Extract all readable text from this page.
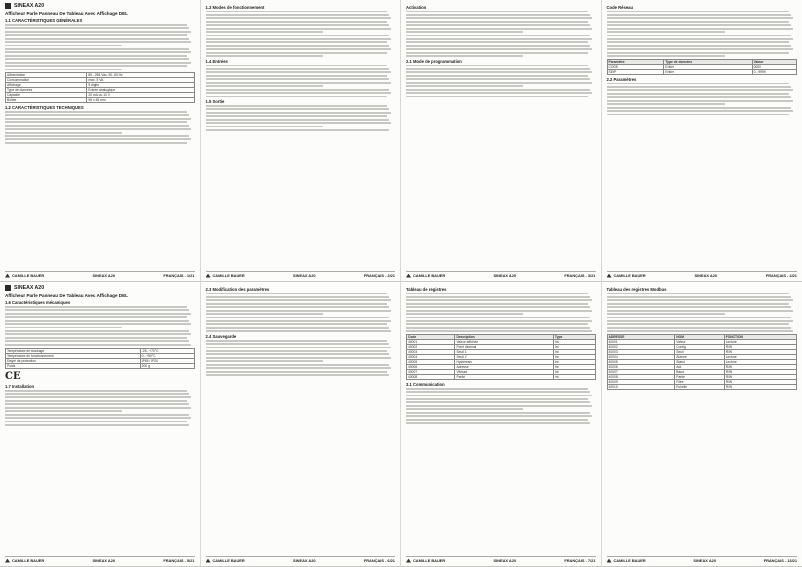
SINEAX A20
Afficheur Parle Panneau De Tableau Avec Affichage DEL
1.1 CARACTÉRISTIQUES GÉNÉRALES
Alimentation	85...265 Vac, 50..60 Hz
Consommation	max. 5 VA
Affichage	5 digits
Type de données	Entrée analogique
Capacité	20 mA ou 10 V
Boîtier	96 x 48 mm
1.2 CARACTÉRISTIQUES TECHNIQUES
CAMILLE BAUER	SINEAX A20	FRANÇAIS - 1/21
1.3 Modes de fonctionnement
1.4 Entrées
1.5 Sortie
CAMILLE BAUER	SINEAX A20	FRANÇAIS - 2/21
Activation
2.1 Mode de programmation
CAMILLE BAUER	SINEAX A20	FRANÇAIS - 3/21
Code Réseau
Paramètre	Type de données	Valeur
CODE	Entier	0000
SEtP	Entier	0...9999
2.2 Paramètres
CAMILLE BAUER	SINEAX A20	FRANÇAIS - 4/21
SINEAX A20
Afficheur Parle Panneau De Tableau Avec Affichage DEL
1.6 Caractéristiques mécaniques
Température de stockage	-25...+70°C
Température de fonctionnement	0...+50°C
Degré de protection	IP65 / IP20
Poids	200 g
CE
1.7 Installation
CAMILLE BAUER	SINEAX A20	FRANÇAIS - 5/21
2.3 Modification des paramètres
2.4 Sauvegarde
CAMILLE BAUER	SINEAX A20	FRANÇAIS - 6/21
Tableau de registres
Code	Description	Type
40001	Valeur affichée	Int
40002	Point décimal	Int
40003	Seuil 1	Int
40004	Seuil 2	Int
40005	Hystérésis	Int
40006	Adresse	Int
40007	Vitesse	Int
40008	Parité	Int
3.1 Communication
CAMILLE BAUER	SINEAX A20	FRANÇAIS - 7/21
Tableau des registres Modbus
ADRESSE	NOM	FONCTION
40001	Valeur	Lecture
40002	Config	R/W
40003	Seuil	R/W
40004	Alarme	Lecture
40005	Statut	Lecture
40006	Adr.	R/W
40007	Baud	R/W
40008	Parité	R/W
40009	Filtre	R/W
40010	Echelle	R/W
CAMILLE BAUER	SINEAX A20	FRANÇAIS - 13/21
